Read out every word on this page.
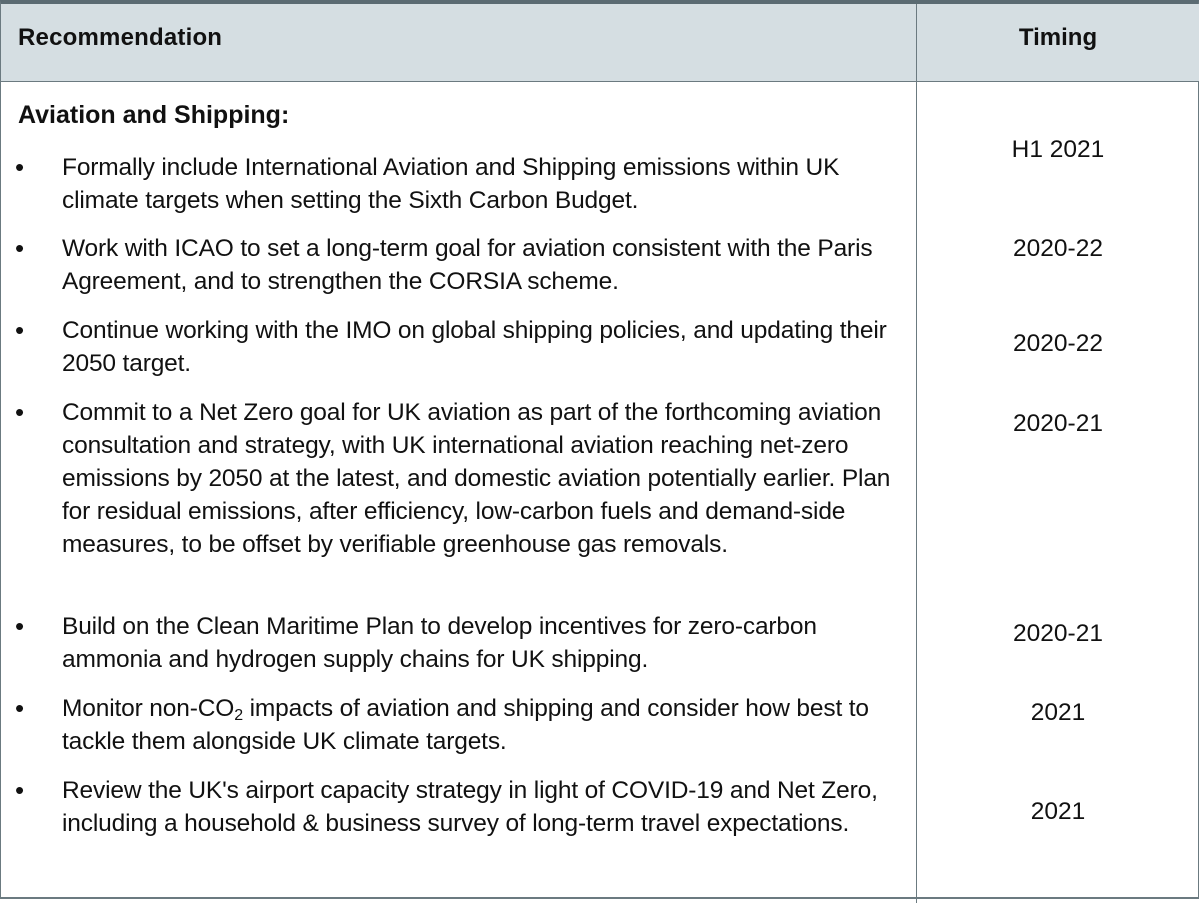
Recommendation	Timing
Aviation and Shipping:
• Formally include International Aviation and Shipping emissions within UK climate targets when setting the Sixth Carbon Budget.
H1 2021
• Work with ICAO to set a long-term goal for aviation consistent with the Paris Agreement, and to strengthen the CORSIA scheme.
2020-22
• Continue working with the IMO on global shipping policies, and updating their 2050 target.
2020-22
• Commit to a Net Zero goal for UK aviation as part of the forthcoming aviation consultation and strategy, with UK international aviation reaching net-zero emissions by 2050 at the latest, and domestic aviation potentially earlier. Plan for residual emissions, after efficiency, low-carbon fuels and demand-side measures, to be offset by verifiable greenhouse gas removals.
2020-21
• Build on the Clean Maritime Plan to develop incentives for zero-carbon ammonia and hydrogen supply chains for UK shipping.
2020-21
• Monitor non-$CO_2$ impacts of aviation and shipping and consider how best to tackle them alongside UK climate targets.
2021
• Review the UK's airport capacity strategy in light of COVID-19 and Net Zero, including a household & business survey of long-term travel expectations.	2021
